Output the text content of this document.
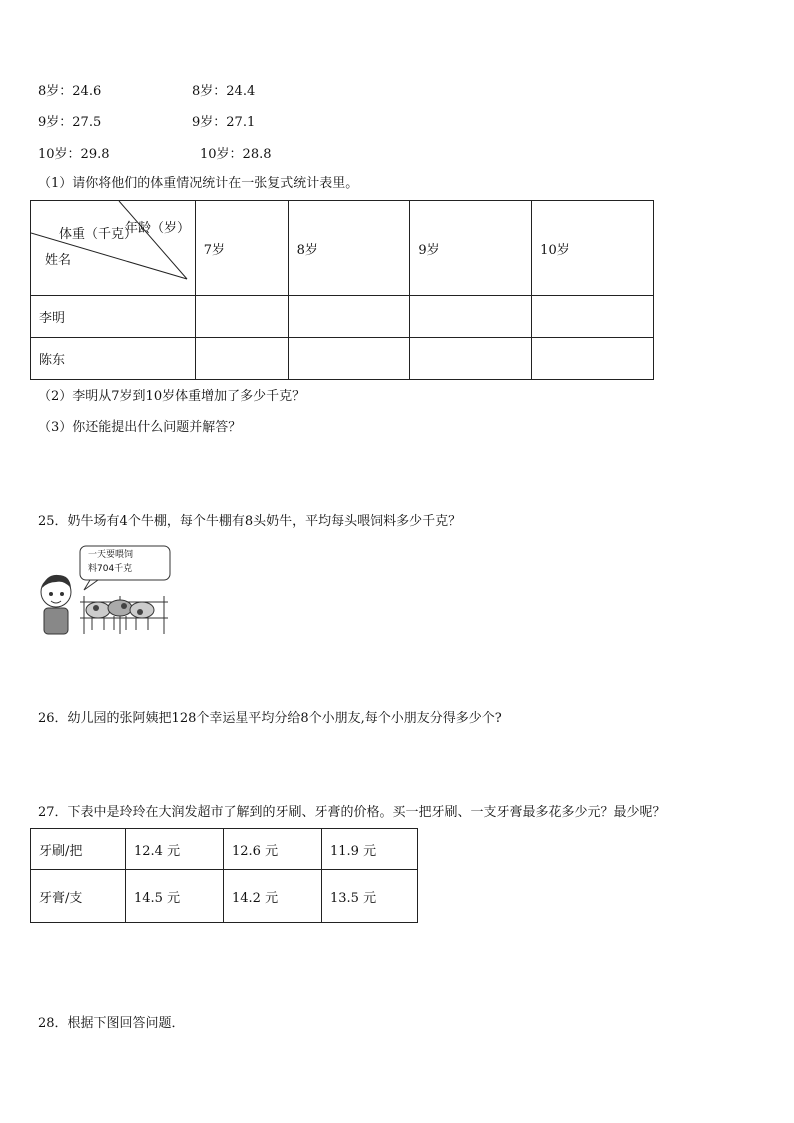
8岁：24.6	8岁：24.4
9岁：27.5	9岁：27.1
10岁：29.8	10岁：28.8
（1）请你将他们的体重情况统计在一张复式统计表里。
年龄（岁）
体重（千克）
姓名	7岁	8岁	9岁	10岁
李明				
陈东				
（2）李明从7岁到10岁体重增加了多少千克？
（3）你还能提出什么问题并解答？
25．奶牛场有4个牛棚，每个牛棚有8头奶牛，平均每头喂饲料多少千克？
一天要喂饲
料704千克
26．幼儿园的张阿姨把128个幸运星平均分给8个小朋友,每个小朋友分得多少个?
27．下表中是玲玲在大润发超市了解到的牙刷、牙膏的价格。买一把牙刷、一支牙膏最多花多少元？最少呢？
牙刷/把	12.4 元	12.6 元	11.9 元
牙膏/支	14.5 元	14.2 元	13.5 元
28．根据下图回答问题．
